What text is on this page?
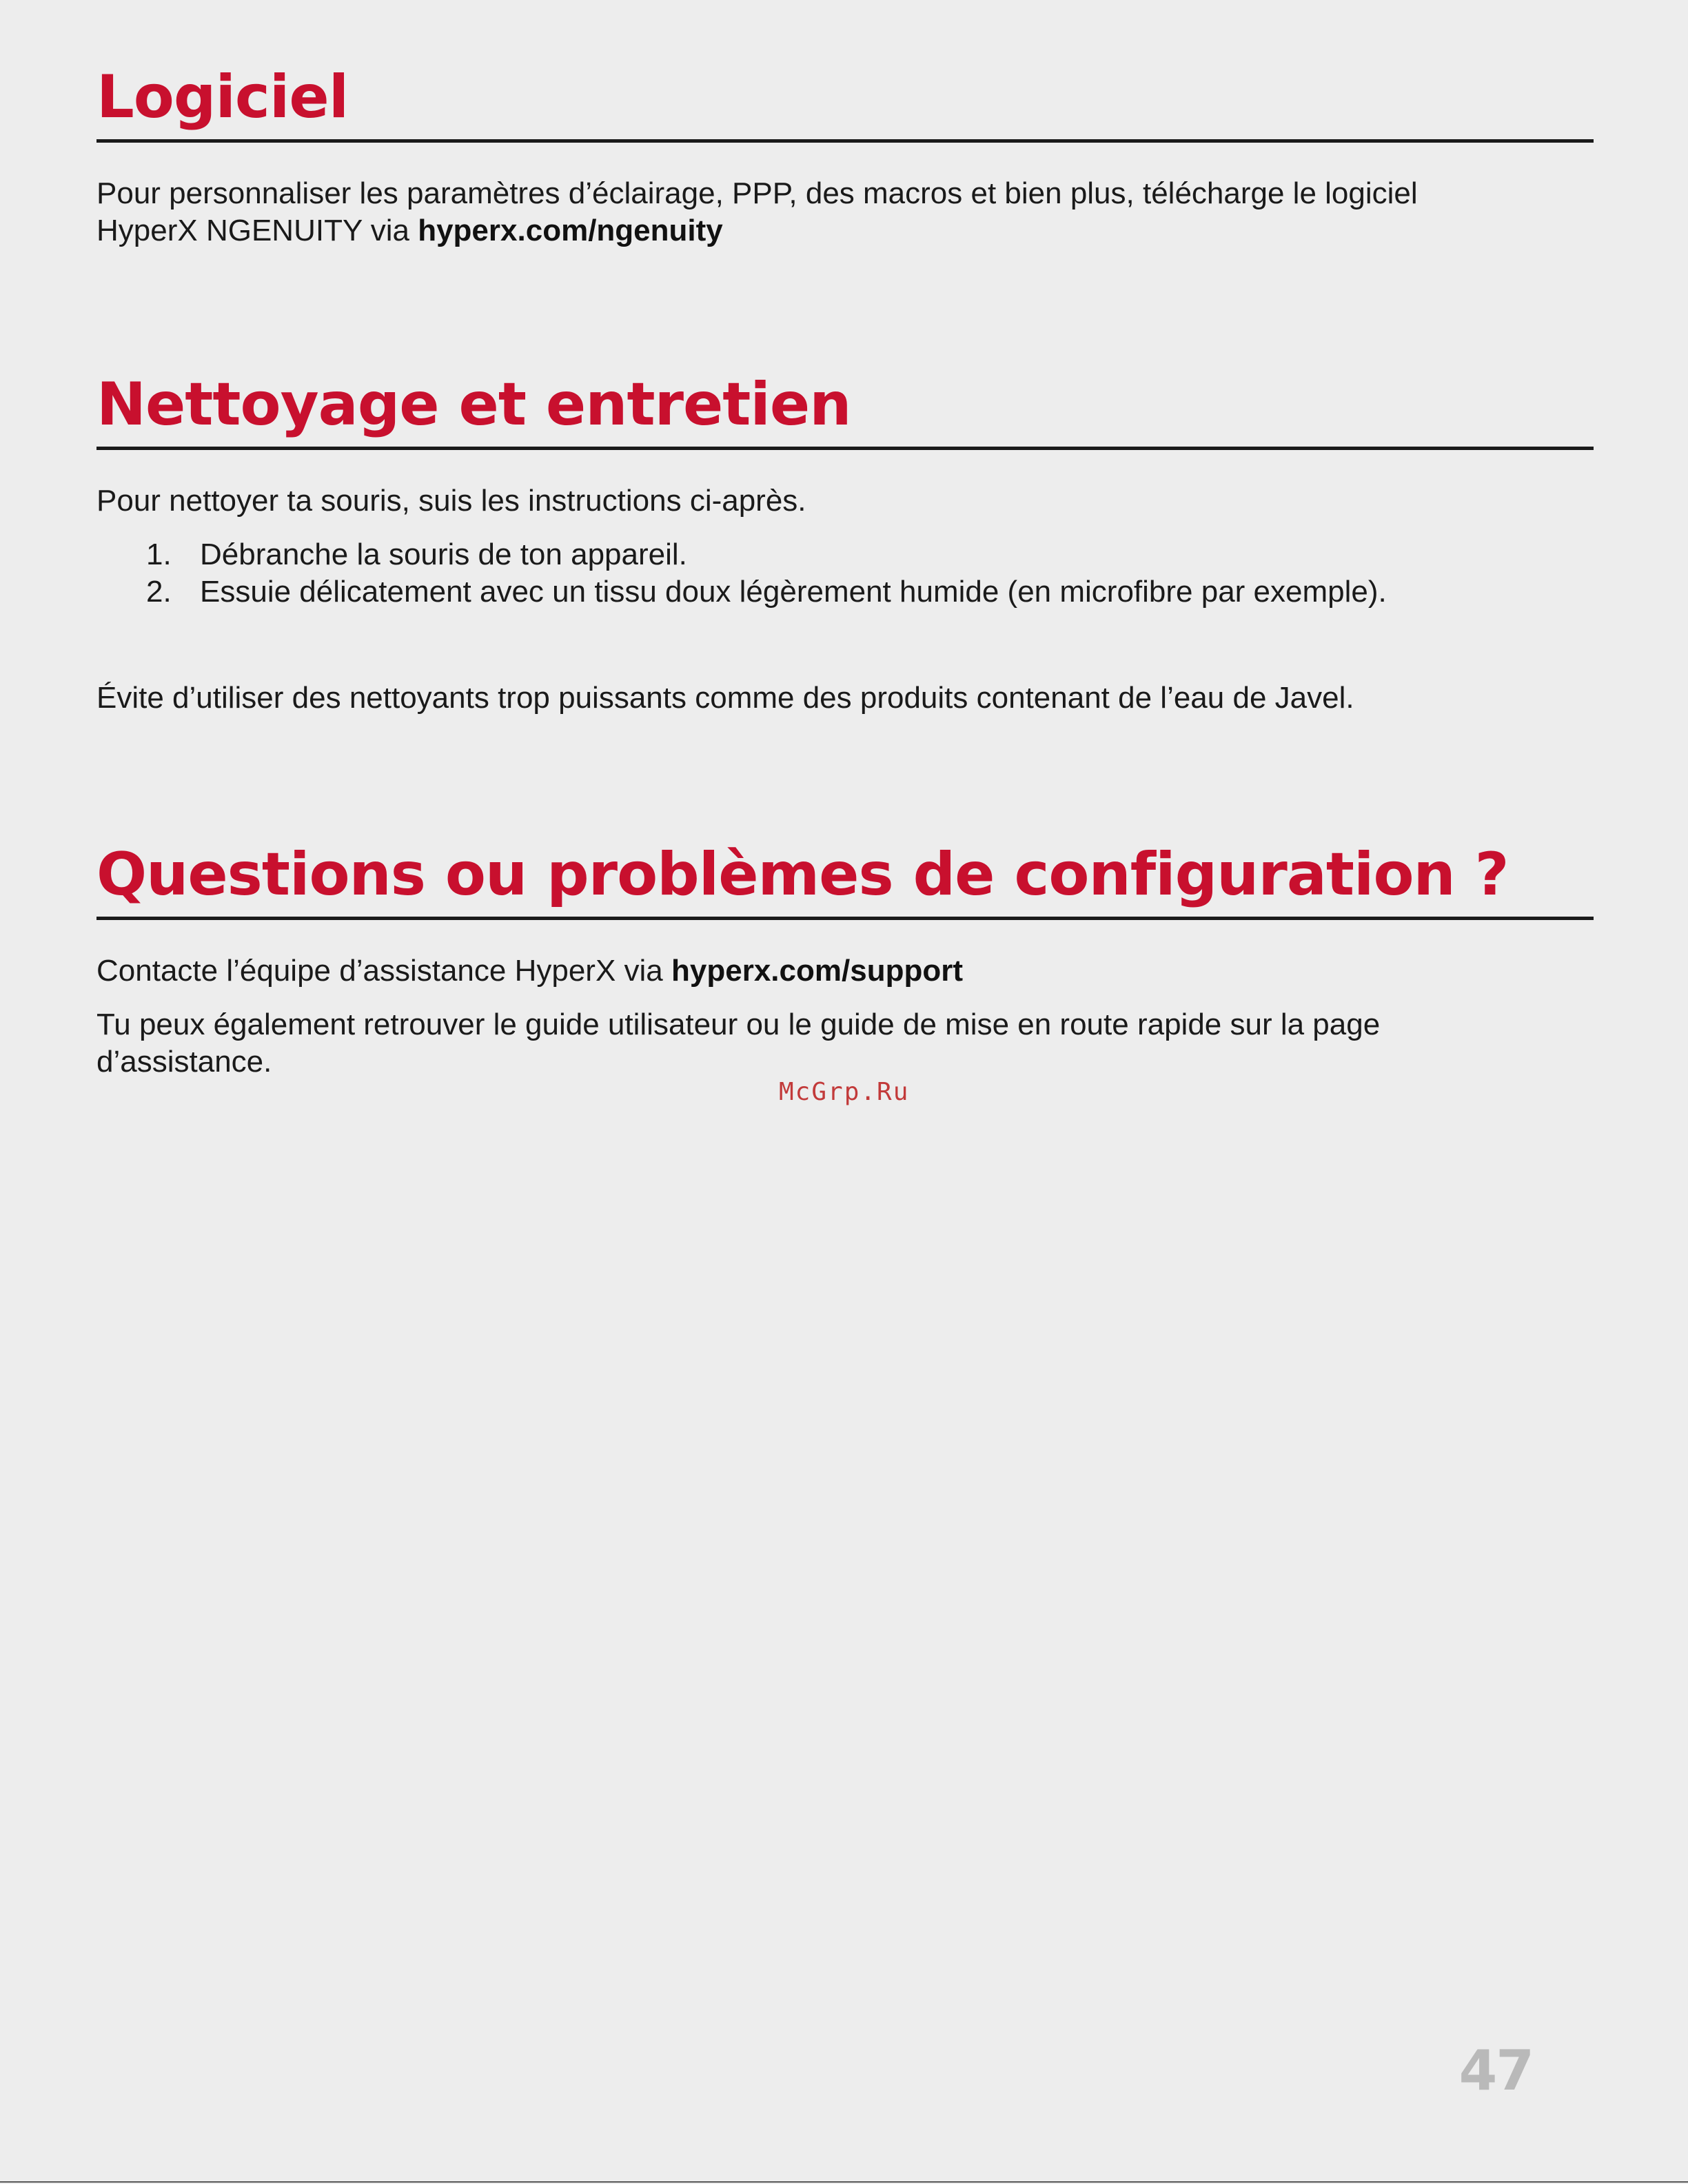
Logiciel

Pour personnaliser les paramètres d’éclairage, PPP, des macros et bien plus, télécharge le logiciel
HyperX NGENUITY via hyperx.com/ngenuity

Nettoyage et entretien

Pour nettoyer ta souris, suis les instructions ci-après.

1. Débranche la souris de ton appareil.
2. Essuie délicatement avec un tissu doux légèrement humide (en microfibre par exemple).

Évite d’utiliser des nettoyants trop puissants comme des produits contenant de l’eau de Javel.

Questions ou problèmes de configuration ?

Contacte l’équipe d’assistance HyperX via hyperx.com/support

Tu peux également retrouver le guide utilisateur ou le guide de mise en route rapide sur la page
d’assistance.

McGrp.Ru
47
